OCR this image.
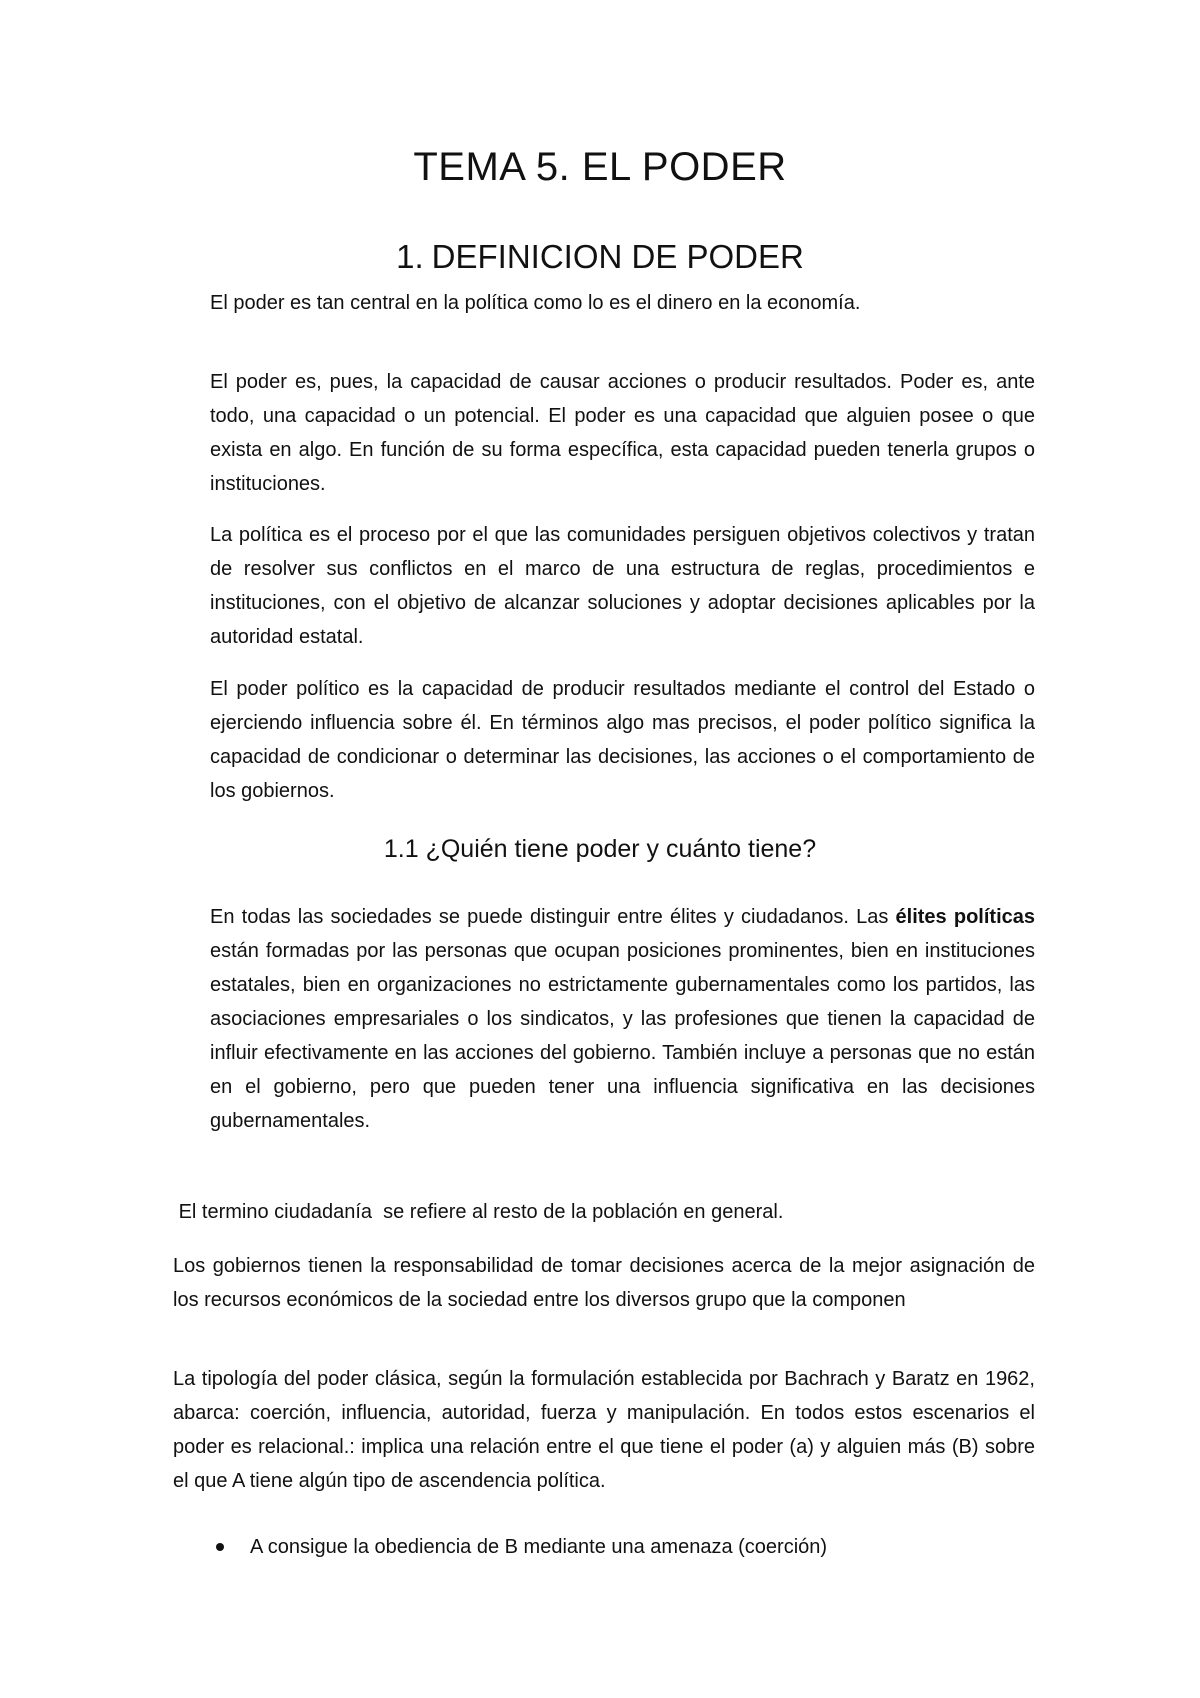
TEMA 5. EL PODER
1. DEFINICION DE PODER

El poder es tan central en la política como lo es el dinero en la economía.

El poder es, pues, la capacidad de causar acciones o producir resultados. Poder es, ante todo, una capacidad o un potencial. El poder es una capacidad que alguien posee o que exista en algo. En función de su forma específica, esta capacidad pueden tenerla grupos o instituciones.

La política es el proceso por el que las comunidades persiguen objetivos colectivos y tratan de resolver sus conflictos en el marco de una estructura de reglas, procedimientos e instituciones, con el objetivo de alcanzar soluciones y adoptar decisiones aplicables por la autoridad estatal.

El poder político es la capacidad de producir resultados mediante el control del Estado o ejerciendo influencia sobre él. En términos algo mas precisos, el poder político significa la capacidad de condicionar o determinar las decisiones, las acciones o el comportamiento de los gobiernos.

1.1 ¿Quién tiene poder y cuánto tiene?

En todas las sociedades se puede distinguir entre élites y ciudadanos. Las élites políticas están formadas por las personas que ocupan posiciones prominentes, bien en instituciones estatales, bien en organizaciones no estrictamente gubernamentales como los partidos, las asociaciones empresariales o los sindicatos, y las profesiones que tienen la capacidad de influir efectivamente en las acciones del gobierno. También incluye a personas que no están en el gobierno, pero que pueden tener una influencia significativa en las decisiones gubernamentales.

El termino ciudadanía  se refiere al resto de la población en general.

Los gobiernos tienen la responsabilidad de tomar decisiones acerca de la mejor asignación de los recursos económicos de la sociedad entre los diversos grupo que la componen

La tipología del poder clásica, según la formulación establecida por Bachrach y Baratz en 1962, abarca: coerción, influencia, autoridad, fuerza y manipulación. En todos estos escenarios el poder es relacional.: implica una relación entre el que tiene el poder (a) y alguien más (B) sobre el que A tiene algún tipo de ascendencia política.

A consigue la obediencia de B mediante una amenaza (coerción)
